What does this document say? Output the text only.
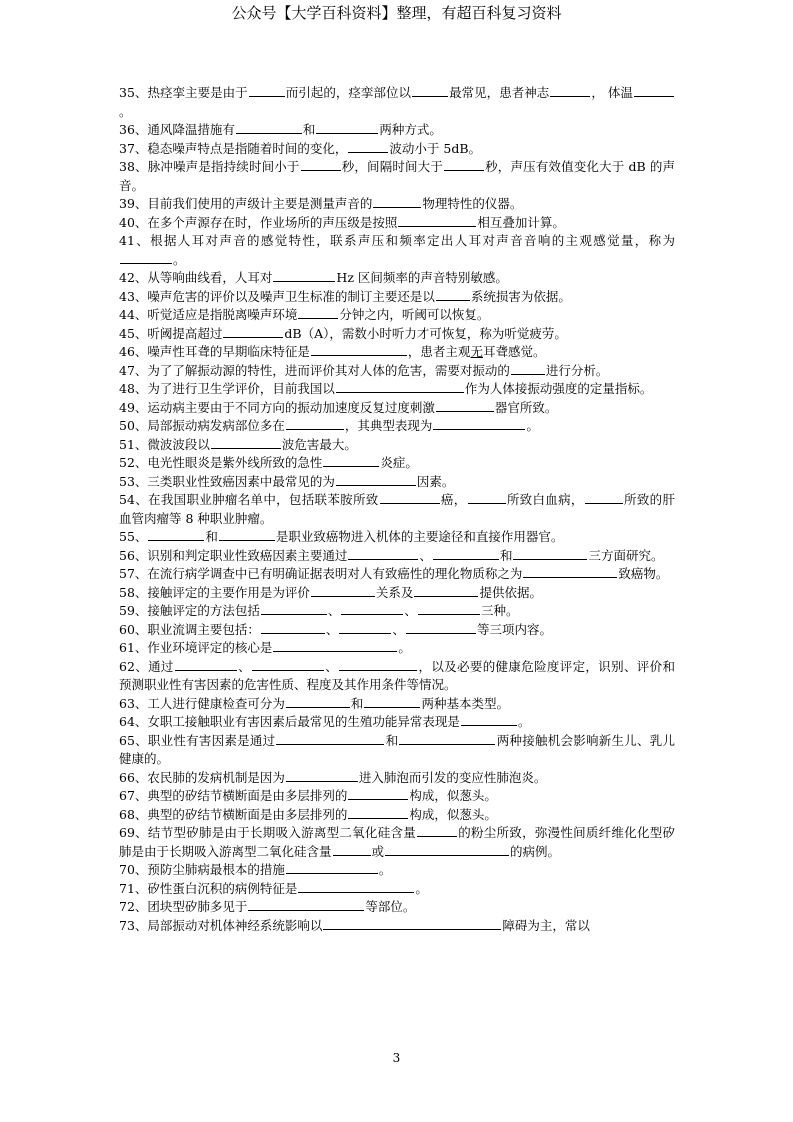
公众号【大学百科资料】整理，有超百科复习资料

35、热痉挛主要是由于	而引起的，痉挛部位以	最常见，患者神志	， 体温。

36、通风降温措施有	和	两种方式。

37、稳态噪声特点是指随着时间的变化，	波动小于 5dB。

38、脉冲噪声是指持续时间小于	秒，间隔时间大于	秒，声压有效值变化大于 dB 的声音。

39、目前我们使用的声级计主要是测量声音的	物理特性的仪器。

40、在多个声源存在时，作业场所的声压级是按照	相互叠加计算。

41、根据人耳对声音的感觉特性，联系声压和频率定出人耳对声音音响的主观感觉量，称为。

42、从等响曲线看，人耳对	Hz 区间频率的声音特别敏感。

43、噪声危害的评价以及噪声卫生标准的制订主要还是以	系统损害为依据。

44、听觉适应是指脱离噪声环境	分钟之内，听阈可以恢复。

45、听阈提高超过	dB（A），需数小时听力才可恢复，称为听觉疲劳。

46、噪声性耳聋的早期临床特征是	，患者主观无耳聋感觉。

47、为了了解振动源的特性，进而评价其对人体的危害，需要对振动的	进行分析。

48、为了进行卫生学评价，目前我国以	作为人体接振动强度的定量指标。

49、运动病主要由于不同方向的振动加速度反复过度刺激	器官所致。

50、局部振动病发病部位多在	，其典型表现为	。

51、微波波段以	波危害最大。

52、电光性眼炎是紫外线所致的急性	炎症。

53、三类职业性致癌因素中最常见的为	因素。

54、在我国职业肿瘤名单中，包括联苯胺所致	癌，	所致白血病，	所致的肝血管肉瘤等 8 种职业肿瘤。

55、	和	是职业致癌物进入机体的主要途径和直接作用器官。

56、识别和判定职业性致癌因素主要通过	、	和	三方面研究。

57、在流行病学调查中已有明确证据表明对人有致癌性的理化物质称之为	致癌物。

58、接触评定的主要作用是为评价	关系及	提供依据。

59、接触评定的方法包括	、	、	三种。

60、职业流调主要包括：	、	、	等三项内容。

61、作业环境评定的核心是	。

62、通过	、	、	，以及必要的健康危险度评定，识别、评价和预测职业性有害因素的危害性质、程度及其作用条件等情况。

63、工人进行健康检查可分为	和	两种基本类型。

64、女职工接触职业有害因素后最常见的生殖功能异常表现是	。

65、职业性有害因素是通过	和	两种接触机会影响新生儿、乳儿健康的。

66、农民肺的发病机制是因为	进入肺泡而引发的变应性肺泡炎。

67、典型的矽结节横断面是由多层排列的	构成，似葱头。

68、典型的矽结节横断面是由多层排列的	构成，似葱头。

69、结节型矽肺是由于长期吸入游离型二氧化硅含量	的粉尘所致，弥漫性间质纤维化化型矽肺是由于长期吸入游离型二氧化硅含量	或	的病例。

70、预防尘肺病最根本的措施	。

71、矽性蛋白沉积的病例特征是	。

72、团块型矽肺多见于	等部位。

73、局部振动对机体神经系统影响以	障碍为主，常以

3
